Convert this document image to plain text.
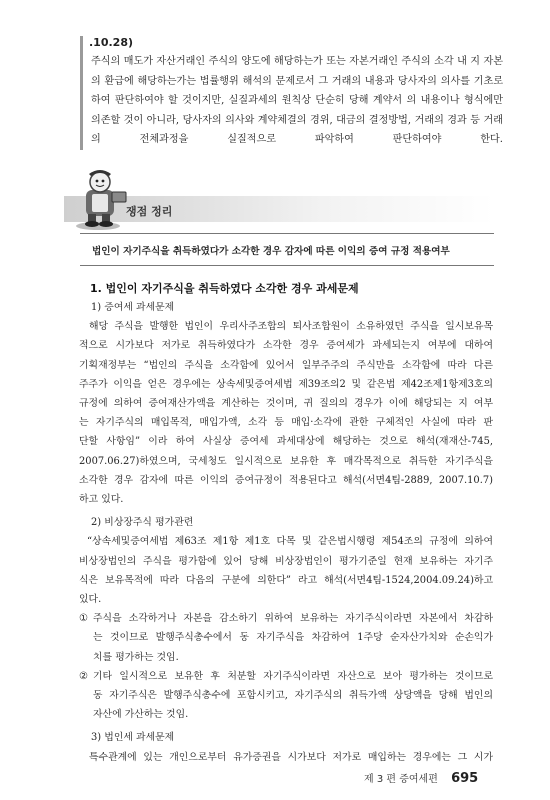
.10.28)

주식의 매도가 자산거래인 주식의 양도에 해당하는가 또는 자본거래인 주식의 소각 내 지 자본의 환급에 해당하는가는 법률행위 해석의 문제로서 그 거래의 내용과 당사자의 의사를 기초로 하여 판단하여야 할 것이지만, 실질과세의 원칙상 단순히 당해 계약서 의 내용이나 형식에만 의존할 것이 아니라, 당사자의 의사와 계약체결의 경위, 대금의 결정방법, 거래의 경과 등 거래의 전체과정을 실질적으로 파악하여 판단하여야 한다.

쟁점 정리
법인이 자기주식을 취득하였다가 소각한 경우 감자에 따른 이익의 증여 규정 적용여부
1. 법인이 자기주식을 취득하였다 소각한 경우 과세문제

1) 증여세 과세문제

해당 주식을 발행한 법인이 우리사주조합의 퇴사조합원이 소유하였던 주식을 일시보유목
적으로 시가보다 저가로 취득하였다가 소각한 경우 증여세가 과세되는지 여부에 대하여
기획재정부는 “법인의 주식을 소각함에 있어서 일부주주의 주식만을 소각함에 따라 다른
주주가 이익을 얻은 경우에는 상속세및증여세법 제39조의2 및 같은법 제42조제1항제3호의
규정에 의하여 증여재산가액을 계산하는 것이며, 귀 질의의 경우가 이에 해당되는 지 여부
는 자기주식의 매입목적, 매입가액, 소각 등 매입·소각에 관한 구체적인 사실에 따라 판
단할 사항임” 이라 하여 사실상 증여세 과세대상에 해당하는 것으로 해석(재재산-745,
2007.06.27)하였으며, 국세청도 일시적으로 보유한 후 매각목적으로 취득한 자기주식을
소각한 경우 감자에 따른 이익의 증여규정이 적용된다고 해석(서면4팀-2889, 2007.10.7)
하고 있다.

2) 비상장주식 평가관련

“상속세및증여세법 제63조 제1항 제1호 다목 및 같은법시행령 제54조의 규정에 의하여
비상장법인의 주식을 평가함에 있어 당해 비상장법인이 평가기준일 현재 보유하는 자기주
식은 보유목적에 따라 다음의 구분에 의한다” 라고 해석(서면4팀-1524,2004.09.24)하고
있다.

① 주식을 소각하거나 자본을 감소하기 위하여 보유하는 자기주식이라면 자본에서 차감하
는 것이므로 발행주식총수에서 동 자기주식을 차감하여 1주당 순자산가치와 순손익가
치를 평가하는 것임.

② 기타 일시적으로 보유한 후 처분할 자기주식이라면 자산으로 보아 평가하는 것이므로
동 자기주식은 발행주식총수에 포함시키고, 자기주식의 취득가액 상당액을 당해 법인의
자산에 가산하는 것임.

3) 법인세 과세문제

특수관계에 있는 개인으로부터 유가증권을 시가보다 저가로 매입하는 경우에는 그 시가

제 3 편 증여세편 695
